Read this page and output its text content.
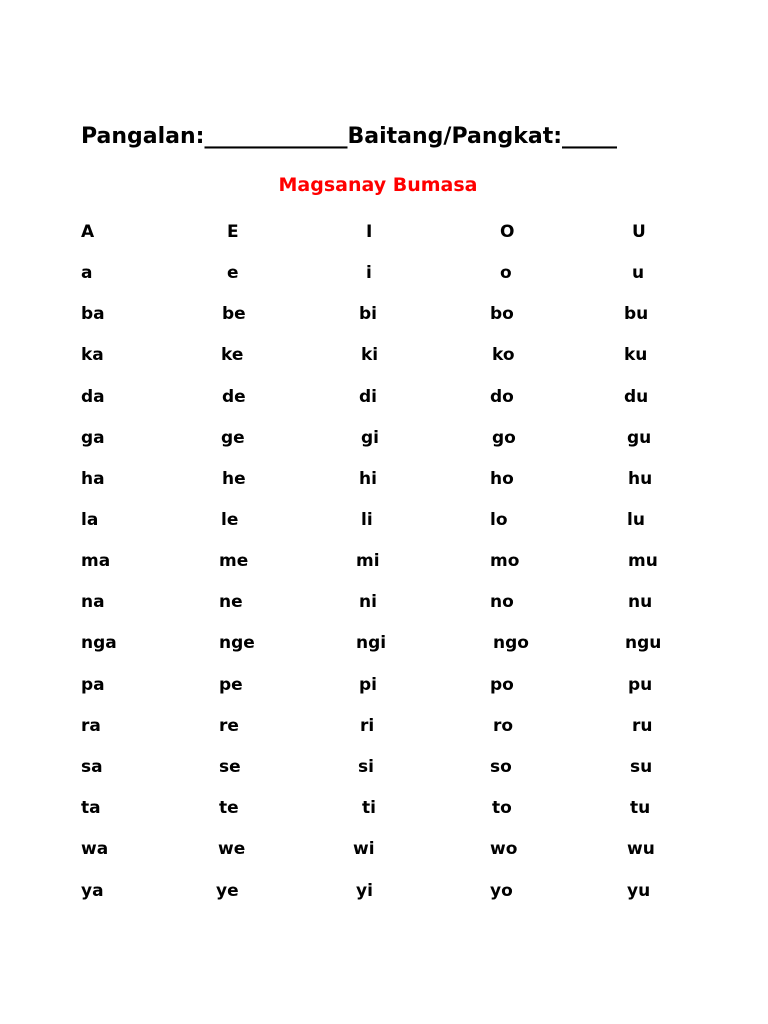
Pangalan:_____________Baitang/Pangkat:_____
Magsanay Bumasa
A	E	I	O	U
a	e	i	o	u
ba	be	bi	bo	bu
ka	ke	ki	ko	ku
da	de	di	do	du
ga	ge	gi	go	gu
ha	he	hi	ho	hu
la	le	li	lo	lu
ma	me	mi	mo	mu
na	ne	ni	no	nu
nga	nge	ngi	ngo	ngu
pa	pe	pi	po	pu
ra	re	ri	ro	ru
sa	se	si	so	su
ta	te	ti	to	tu
wa	we	wi	wo	wu
ya	ye	yi	yo	yu
